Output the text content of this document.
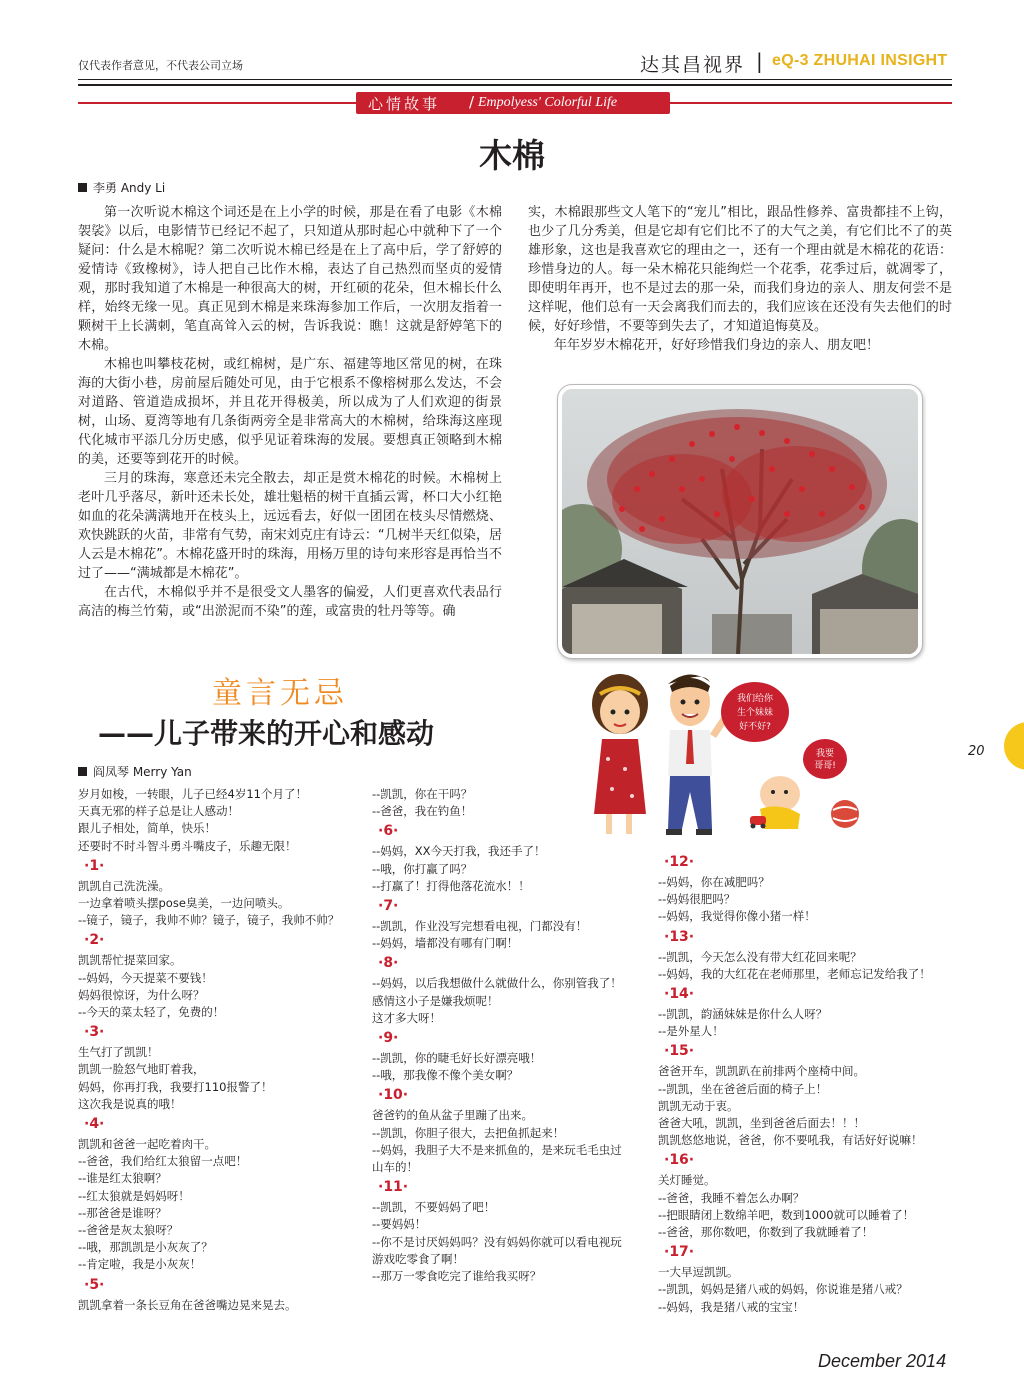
仅代表作者意见，不代表公司立场	达其昌视界 | eQ-3 ZHUHAI INSIGHT
心情故事 / Empolyess' Colorful Life
木棉
李勇 Andy Li

第一次听说木棉这个词还是在上小学的时候，那是在看了电影《木棉袈裟》以后，电影情节已经记不起了，只知道从那时起心中就种下了一个疑问：什么是木棉呢？第二次听说木棉已经是在上了高中后，学了舒婷的爱情诗《致橡树》，诗人把自己比作木棉，表达了自己热烈而坚贞的爱情观，那时我知道了木棉是一种很高大的树，开红硕的花朵，但木棉长什么样，始终无缘一见。真正见到木棉是来珠海参加工作后，一次朋友指着一颗树干上长满刺，笔直高耸入云的树，告诉我说：瞧！这就是舒婷笔下的木棉。

木棉也叫攀枝花树，或红棉树，是广东、福建等地区常见的树，在珠海的大街小巷，房前屋后随处可见，由于它根系不像榕树那么发达，不会对道路、管道造成损坏，并且花开得极美，所以成为了人们欢迎的街景树，山场、夏湾等地有几条街两旁全是非常高大的木棉树，给珠海这座现代化城市平添几分历史感，似乎见证着珠海的发展。要想真正领略到木棉的美，还要等到花开的时候。

三月的珠海，寒意还未完全散去，却正是赏木棉花的时候。木棉树上老叶几乎落尽，新叶还未长处，雄壮魁梧的树干直插云霄，杯口大小红艳如血的花朵满满地开在枝头上，远远看去，好似一团团在枝头尽情燃烧、欢快跳跃的火苗，非常有气势，南宋刘克庄有诗云：“几树半天红似染，居人云是木棉花”。木棉花盛开时的珠海，用杨万里的诗句来形容是再恰当不过了——“满城都是木棉花”。

在古代，木棉似乎并不是很受文人墨客的偏爱，人们更喜欢代表品行高洁的梅兰竹菊，或“出淤泥而不染”的莲，或富贵的牡丹等等。确

实，木棉跟那些文人笔下的“宠儿”相比，跟品性修养、富贵都挂不上钩，也少了几分秀美，但是它却有它们比不了的大气之美，有它们比不了的英雄形象，这也是我喜欢它的理由之一，还有一个理由就是木棉花的花语：珍惜身边的人。每一朵木棉花只能绚烂一个花季，花季过后，就凋零了，即使明年再开，也不是过去的那一朵，而我们身边的亲人、朋友何尝不是这样呢，他们总有一天会离我们而去的，我们应该在还没有失去他们的时候，好好珍惜，不要等到失去了，才知道追悔莫及。

年年岁岁木棉花开，好好珍惜我们身边的亲人、朋友吧！

童言无忌
——儿子带来的开心和感动
阎凤琴 Merry Yan
我们给你
生个妹妹
好不好?
我要
哥哥!
岁月如梭，一转眼，儿子已经4岁11个月了！
天真无邪的样子总是让人感动！
跟儿子相处，简单，快乐！
还要时不时斗智斗勇斗嘴皮子，乐趣无限！
·1·
凯凯自己洗洗澡。
一边拿着喷头摆pose臭美，一边问喷头。
--镜子，镜子，我帅不帅？镜子，镜子，我帅不帅？
·2·
凯凯帮忙提菜回家。
--妈妈，今天提菜不要钱！
妈妈很惊讶，为什么呀？
--今天的菜太轻了，免费的！
·3·
生气打了凯凯！
凯凯一脸怒气地盯着我，
妈妈，你再打我，我要打110报警了！
这次我是说真的哦！
·4·
凯凯和爸爸一起吃着肉干。
--爸爸，我们给红太狼留一点吧！
--谁是红太狼啊？
--红太狼就是妈妈呀！
--那爸爸是谁呀？
--爸爸是灰太狼呀？
--哦，那凯凯是小灰灰了？
--肯定啦，我是小灰灰！
·5·
凯凯拿着一条长豆角在爸爸嘴边晃来晃去。
--凯凯，你在干吗？
--爸爸，我在钓鱼！
·6·
--妈妈，XX今天打我，我还手了！
--哦，你打赢了吗？
--打赢了！打得他落花流水！！
·7·
--凯凯，作业没写完想看电视，门都没有！
--妈妈，墙都没有哪有门啊！
·8·
--妈妈，以后我想做什么就做什么，你别管我了！
感情这小子是嫌我烦呢！
这才多大呀！
·9·
--凯凯，你的睫毛好长好漂亮哦！
--哦，那我像不像个美女啊？
·10·
爸爸钓的鱼从盆子里蹦了出来。
--凯凯，你胆子很大，去把鱼抓起来！
--妈妈，我胆子大不是来抓鱼的，是来玩毛毛虫过
山车的！
·11·
--凯凯，不要妈妈了吧！
--要妈妈！
--你不是讨厌妈妈吗？没有妈妈你就可以看电视玩
游戏吃零食了啊！
--那万一零食吃完了谁给我买呀？
·12·
--妈妈，你在减肥吗？
--妈妈很肥吗？
--妈妈，我觉得你像小猪一样！
·13·
--凯凯，今天怎么没有带大红花回来呢？
--妈妈，我的大红花在老师那里，老师忘记发给我了！
·14·
--凯凯，韵涵妹妹是你什么人呀？
--是外星人！
·15·
爸爸开车，凯凯趴在前排两个座椅中间。
--凯凯，坐在爸爸后面的椅子上！
凯凯无动于衷。
爸爸大吼，凯凯，坐到爸爸后面去！！！
凯凯悠悠地说，爸爸，你不要吼我，有话好好说嘛！
·16·
关灯睡觉。
--爸爸，我睡不着怎么办啊？
--把眼睛闭上数绵羊吧，数到1000就可以睡着了！
--爸爸，那你数吧，你数到了我就睡着了！
·17·
一大早逗凯凯。
--凯凯，妈妈是猪八戒的妈妈，你说谁是猪八戒？
--妈妈，我是猪八戒的宝宝！
20
December 2014
